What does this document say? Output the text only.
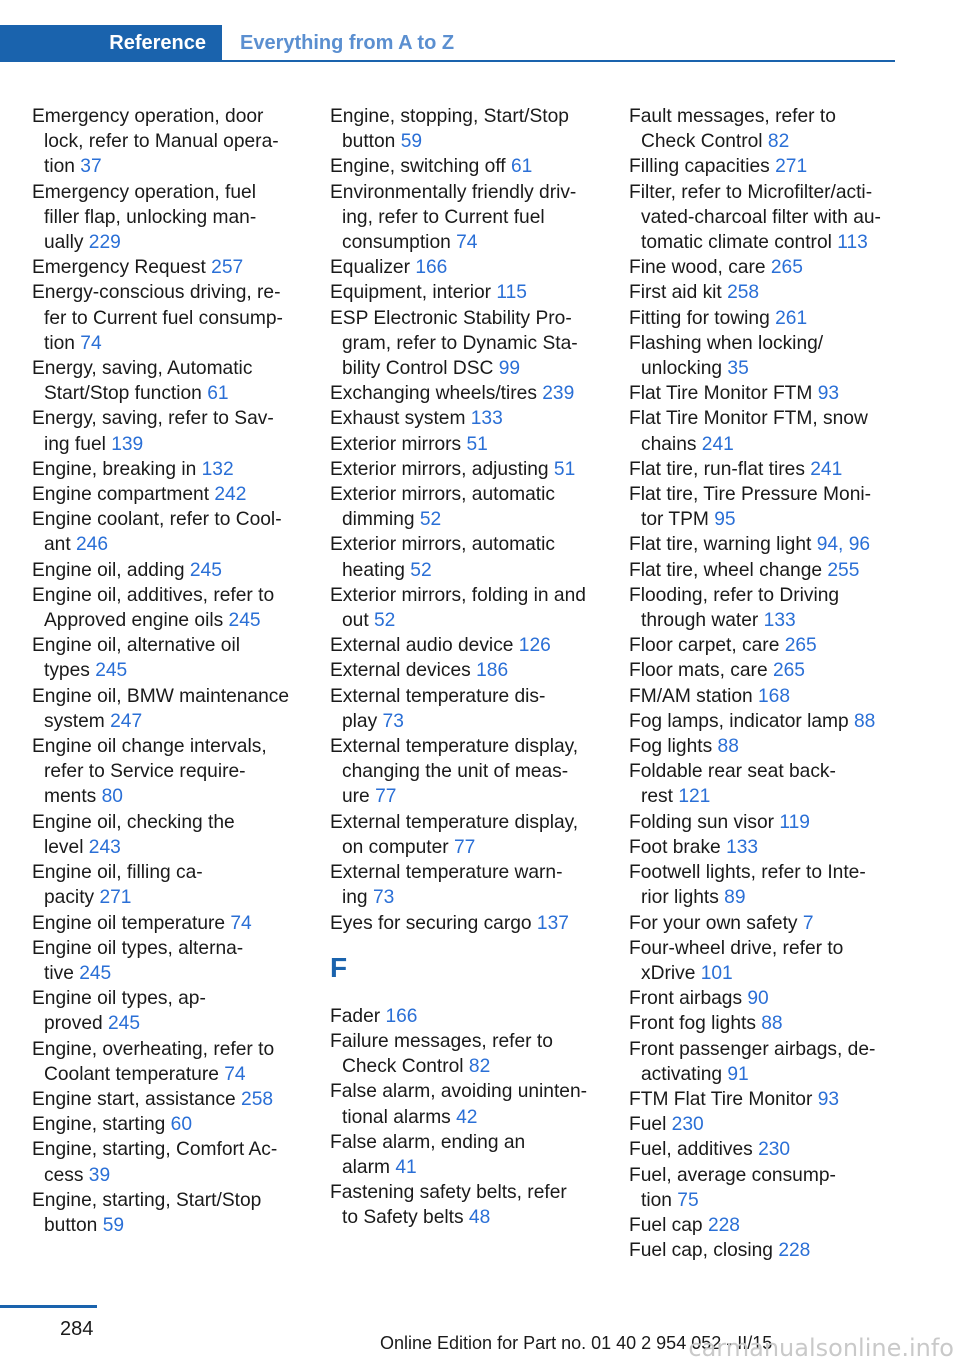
Reference	Everything from A to Z
Emergency operation, door
lock, refer to Manual opera-
tion 37
Emergency operation, fuel
filler flap, unlocking man-
ually 229
Emergency Request 257
Energy-conscious driving, re-
fer to Current fuel consump-
tion 74
Energy, saving, Automatic
Start/Stop function 61
Energy, saving, refer to Sav-
ing fuel 139
Engine, breaking in 132
Engine compartment 242
Engine coolant, refer to Cool-
ant 246
Engine oil, adding 245
Engine oil, additives, refer to
Approved engine oils 245
Engine oil, alternative oil
types 245
Engine oil, BMW maintenance
system 247
Engine oil change intervals,
refer to Service require-
ments 80
Engine oil, checking the
level 243
Engine oil, filling ca-
pacity 271
Engine oil temperature 74
Engine oil types, alterna-
tive 245
Engine oil types, ap-
proved 245
Engine, overheating, refer to
Coolant temperature 74
Engine start, assistance 258
Engine, starting 60
Engine, starting, Comfort Ac-
cess 39
Engine, starting, Start/Stop
button 59
Engine, stopping, Start/Stop
button 59
Engine, switching off 61
Environmentally friendly driv-
ing, refer to Current fuel
consumption 74
Equalizer 166
Equipment, interior 115
ESP Electronic Stability Pro-
gram, refer to Dynamic Sta-
bility Control DSC 99
Exchanging wheels/tires 239
Exhaust system 133
Exterior mirrors 51
Exterior mirrors, adjusting 51
Exterior mirrors, automatic
dimming 52
Exterior mirrors, automatic
heating 52
Exterior mirrors, folding in and
out 52
External audio device 126
External devices 186
External temperature dis-
play 73
External temperature display,
changing the unit of meas-
ure 77
External temperature display,
on computer 77
External temperature warn-
ing 73
Eyes for securing cargo 137
F
Fader 166
Failure messages, refer to
Check Control 82
False alarm, avoiding uninten-
tional alarms 42
False alarm, ending an
alarm 41
Fastening safety belts, refer
to Safety belts 48
Fault messages, refer to
Check Control 82
Filling capacities 271
Filter, refer to Microfilter/acti-
vated-charcoal filter with au-
tomatic climate control 113
Fine wood, care 265
First aid kit 258
Fitting for towing 261
Flashing when locking/
unlocking 35
Flat Tire Monitor FTM 93
Flat Tire Monitor FTM, snow
chains 241
Flat tire, run-flat tires 241
Flat tire, Tire Pressure Moni-
tor TPM 95
Flat tire, warning light 94, 96
Flat tire, wheel change 255
Flooding, refer to Driving
through water 133
Floor carpet, care 265
Floor mats, care 265
FM/AM station 168
Fog lamps, indicator lamp 88
Fog lights 88
Foldable rear seat back-
rest 121
Folding sun visor 119
Foot brake 133
Footwell lights, refer to Inte-
rior lights 89
For your own safety 7
Four-wheel drive, refer to
xDrive 101
Front airbags 90
Front fog lights 88
Front passenger airbags, de-
activating 91
FTM Flat Tire Monitor 93
Fuel 230
Fuel, additives 230
Fuel, average consump-
tion 75
Fuel cap 228
Fuel cap, closing 228
284
Online Edition for Part no. 01 40 2 954 052 - II/15
carmanualsonline.info
